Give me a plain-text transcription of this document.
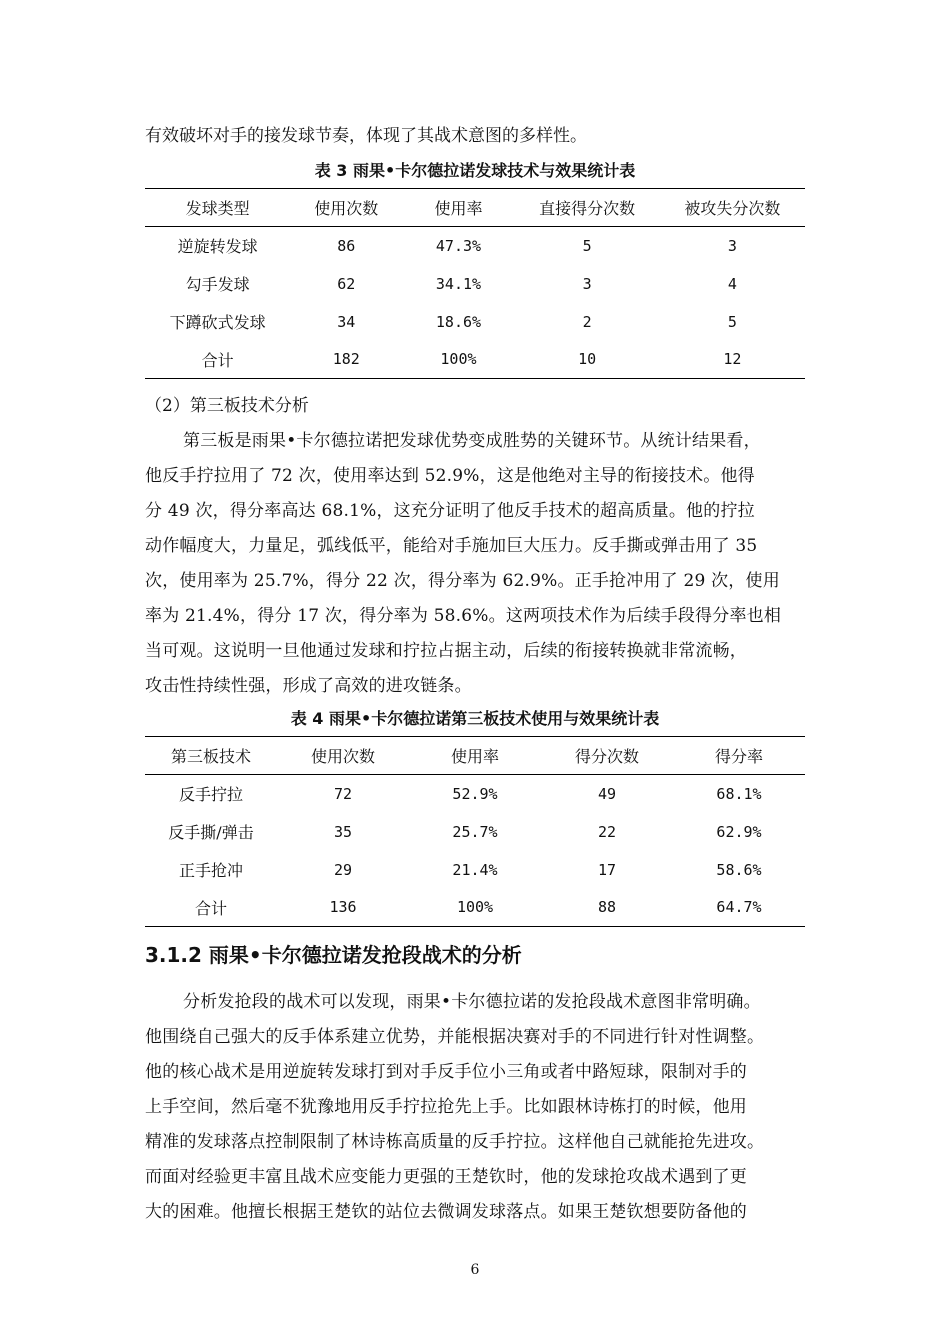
有效破坏对手的接发球节奏，体现了其战术意图的多样性。
表 3 雨果•卡尔德拉诺发球技术与效果统计表
发球类型	使用次数	使用率	直接得分次数	被攻失分次数
逆旋转发球	86	47.3%	5	3
勾手发球	62	34.1%	3	4
下蹲砍式发球	34	18.6%	2	5
合计	182	100%	10	12
（2）第三板技术分析
第三板是雨果•卡尔德拉诺把发球优势变成胜势的关键环节。从统计结果看，
他反手拧拉用了 72 次，使用率达到 52.9%，这是他绝对主导的衔接技术。他得
分 49 次，得分率高达 68.1%，这充分证明了他反手技术的超高质量。他的拧拉
动作幅度大，力量足，弧线低平，能给对手施加巨大压力。反手撕或弹击用了 35
次，使用率为 25.7%，得分 22 次，得分率为 62.9%。正手抢冲用了 29 次，使用
率为 21.4%，得分 17 次，得分率为 58.6%。这两项技术作为后续手段得分率也相
当可观。这说明一旦他通过发球和拧拉占据主动，后续的衔接转换就非常流畅，
攻击性持续性强，形成了高效的进攻链条。
表 4 雨果•卡尔德拉诺第三板技术使用与效果统计表
第三板技术	使用次数	使用率	得分次数	得分率
反手拧拉	72	52.9%	49	68.1%
反手撕/弹击	35	25.7%	22	62.9%
正手抢冲	29	21.4%	17	58.6%
合计	136	100%	88	64.7%
3.1.2 雨果•卡尔德拉诺发抢段战术的分析
分析发抢段的战术可以发现，雨果•卡尔德拉诺的发抢段战术意图非常明确。
他围绕自己强大的反手体系建立优势，并能根据决赛对手的不同进行针对性调整。
他的核心战术是用逆旋转发球打到对手反手位小三角或者中路短球，限制对手的
上手空间，然后毫不犹豫地用反手拧拉抢先上手。比如跟林诗栋打的时候，他用
精准的发球落点控制限制了林诗栋高质量的反手拧拉。这样他自己就能抢先进攻。
而面对经验更丰富且战术应变能力更强的王楚钦时，他的发球抢攻战术遇到了更
大的困难。他擅长根据王楚钦的站位去微调发球落点。如果王楚钦想要防备他的
6
